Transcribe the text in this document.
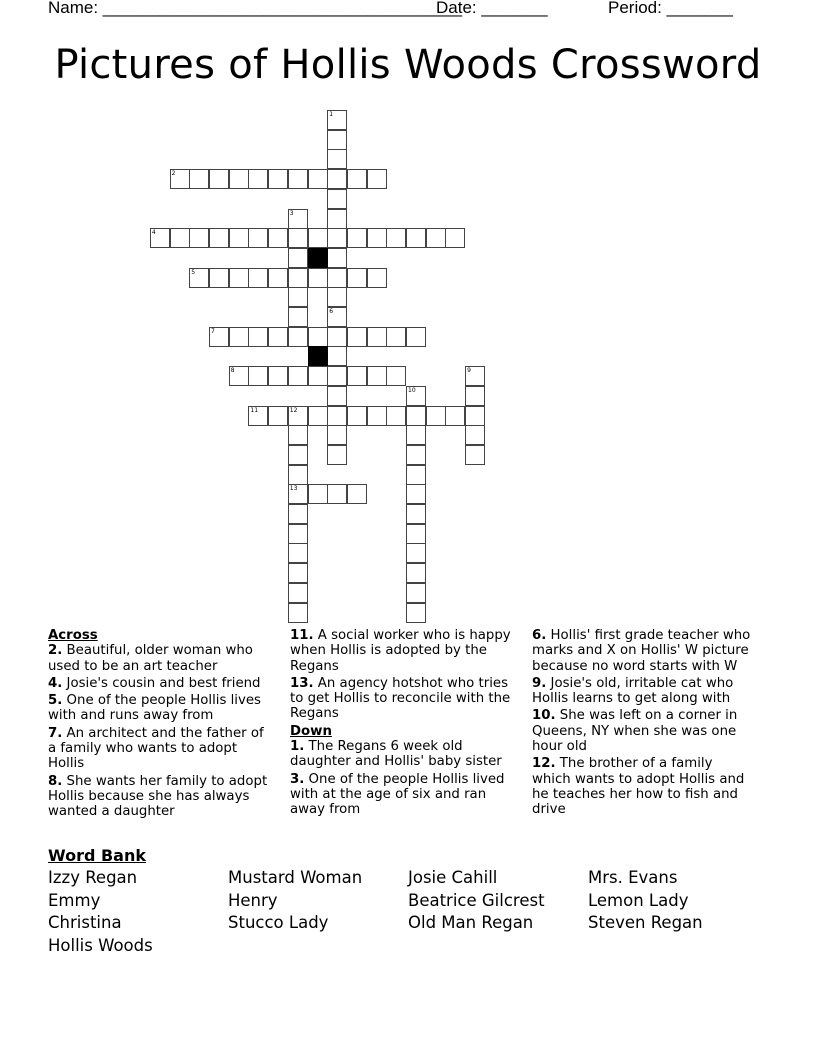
Name: ______________________________________
Date: _______	Period: _______
Pictures of Hollis Woods Crossword
2
4
5
7
8
11	12
13
1
6
3
9
10
Across
2. Beautiful, older woman who used to be an art teacher
4. Josie's cousin and best friend
5. One of the people Hollis lives with and runs away from
7. An architect and the father of a family who wants to adopt Hollis
8. She wants her family to adopt Hollis because she has always wanted a daughter
11. A social worker who is happy when Hollis is adopted by the Regans
13. An agency hotshot who tries to get Hollis to reconcile with the Regans
Down
1. The Regans 6 week old daughter and Hollis' baby sister
3. One of the people Hollis lived with at the age of six and ran away from
6. Hollis' first grade teacher who marks and X on Hollis' W picture because no word starts with W
9. Josie's old, irritable cat who Hollis learns to get along with
10. She was left on a corner in Queens, NY when she was one hour old
12. The brother of a family which wants to adopt Hollis and he teaches her how to fish and drive
Word Bank
Izzy Regan	Mustard Woman	Josie Cahill	Mrs. Evans
Emmy	Henry	Beatrice Gilcrest	Lemon Lady
Christina	Stucco Lady	Old Man Regan	Steven Regan
Hollis Woods
